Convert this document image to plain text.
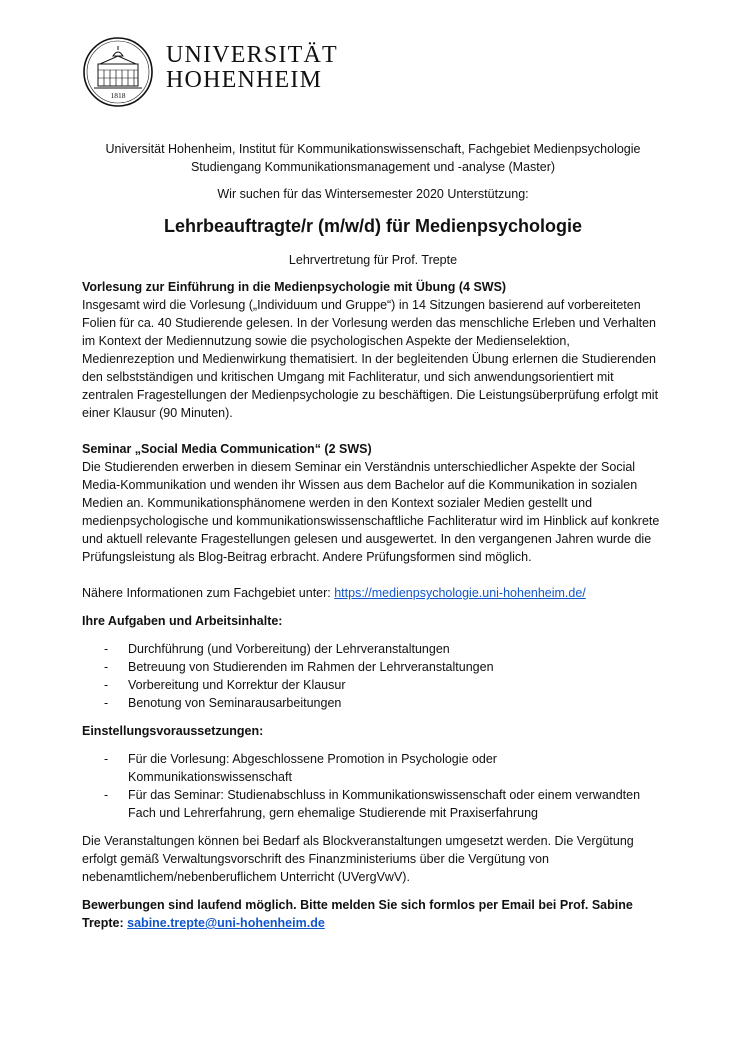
1818
UNIVERSITÄT
HOHENHEIM

Universität Hohenheim, Institut für Kommunikationswissenschaft, Fachgebiet Medienpsychologie

Studiengang Kommunikationsmanagement und -analyse (Master)

Wir suchen für das Wintersemester 2020 Unterstützung:

Lehrbeauftragte/r (m/w/d) für Medienpsychologie

Lehrvertretung für Prof. Trepte

Vorlesung zur Einführung in die Medienpsychologie mit Übung (4 SWS)

Insgesamt wird die Vorlesung („Individuum und Gruppe“) in 14 Sitzungen basierend auf vorbereiteten Folien für ca. 40 Studierende gelesen. In der Vorlesung werden das menschliche Erleben und Verhalten im Kontext der Mediennutzung sowie die psychologischen Aspekte der Medienselektion, Medienrezeption und Medienwirkung thematisiert. In der begleitenden Übung erlernen die Studierenden den selbstständigen und kritischen Umgang mit Fachliteratur, und sich anwendungsorientiert mit zentralen Fragestellungen der Medienpsychologie zu beschäftigen. Die Leistungsüberprüfung erfolgt mit einer Klausur (90 Minuten).

Seminar „Social Media Communication“ (2 SWS)

Die Studierenden erwerben in diesem Seminar ein Verständnis unterschiedlicher Aspekte der Social Media-Kommunikation und wenden ihr Wissen aus dem Bachelor auf die Kommunikation in sozialen Medien an. Kommunikationsphänomene werden in den Kontext sozialer Medien gestellt und medienpsychologische und kommunikationswissenschaftliche Fachliteratur wird im Hinblick auf konkrete und aktuell relevante Fragestellungen gelesen und ausgewertet. In den vergangenen Jahren wurde die Prüfungsleistung als Blog-Beitrag erbracht. Andere Prüfungsformen sind möglich.

Nähere Informationen zum Fachgebiet unter: https://medienpsychologie.uni-hohenheim.de/

Ihre Aufgaben und Arbeitsinhalte:

- Durchführung (und Vorbereitung) der Lehrveranstaltungen
- Betreuung von Studierenden im Rahmen der Lehrveranstaltungen
- Vorbereitung und Korrektur der Klausur
- Benotung von Seminarausarbeitungen

Einstellungsvoraussetzungen:

- Für die Vorlesung: Abgeschlossene Promotion in Psychologie oder Kommunikationswissenschaft
- Für das Seminar: Studienabschluss in Kommunikationswissenschaft oder einem verwandten Fach und Lehrerfahrung, gern ehemalige Studierende mit Praxiserfahrung

Die Veranstaltungen können bei Bedarf als Blockveranstaltungen umgesetzt werden. Die Vergütung erfolgt gemäß Verwaltungsvorschrift des Finanzministeriums über die Vergütung von nebenamtlichem/nebenberuflichem Unterricht (UVergVwV).

Bewerbungen sind laufend möglich. Bitte melden Sie sich formlos per Email bei Prof. Sabine Trepte: sabine.trepte@uni-hohenheim.de
